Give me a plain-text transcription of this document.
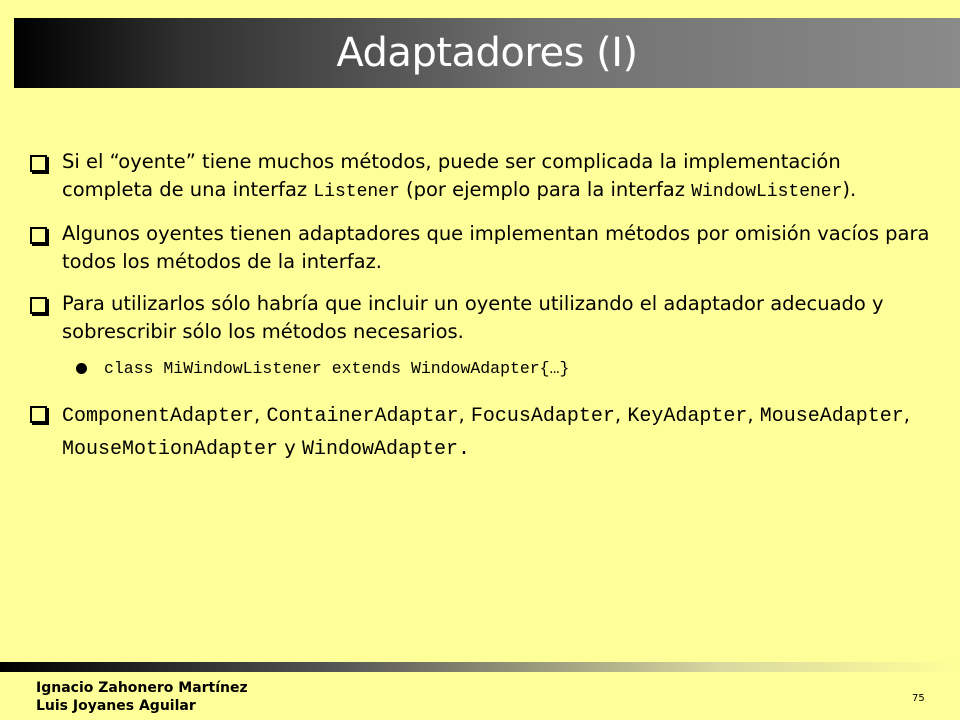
Adaptadores (I)
Si el “oyente” tiene muchos métodos, puede ser complicada la implementación completa de una interfaz Listener (por ejemplo para la interfaz WindowListener).
Algunos oyentes tienen adaptadores que implementan métodos por omisión vacíos para todos los métodos de la interfaz.
Para utilizarlos sólo habría que incluir un oyente utilizando el adaptador adecuado y sobrescribir sólo los métodos necesarios.
class MiWindowListener extends WindowAdapter{…}
ComponentAdapter, ContainerAdaptar, FocusAdapter, KeyAdapter, MouseAdapter, MouseMotionAdapter y WindowAdapter.
Ignacio Zahonero Martínez
Luis Joyanes Aguilar	75
